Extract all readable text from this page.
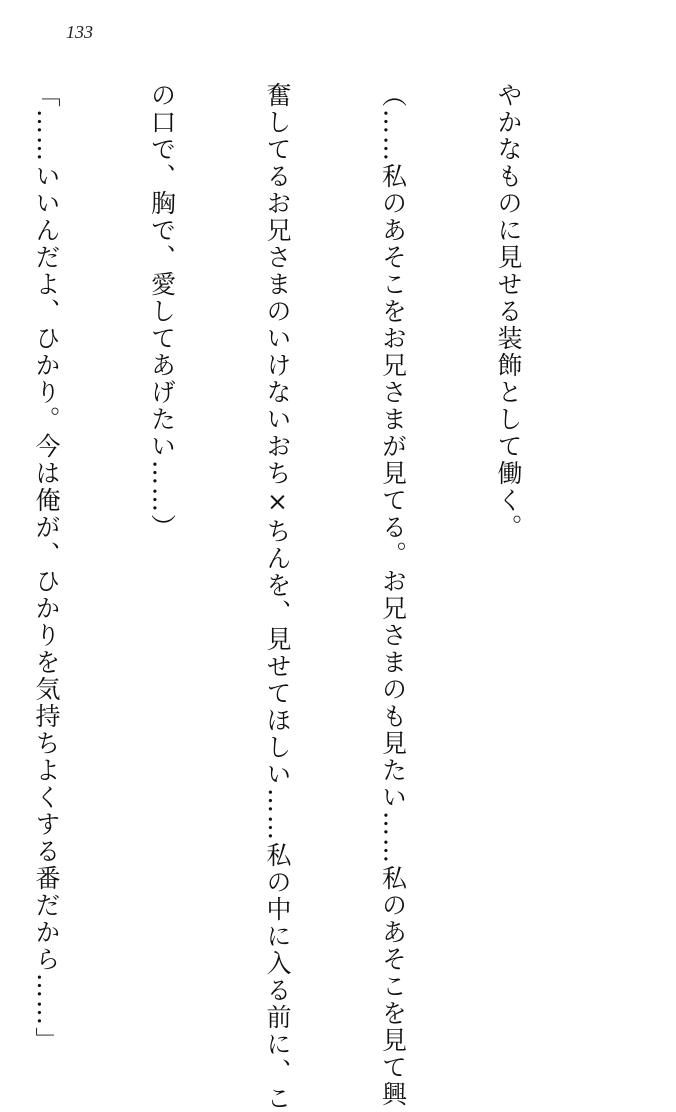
133

やかなものに見せる装飾として働く。

（……私のあそこをお兄さまが見てる。お兄さまのも見たい……私のあそこを見て興

奮してるお兄さまのいけないおち×ちんを、見せてほしい……私の中に入る前に、こ

の口で、胸で、愛してあげたい……）

「……いいんだよ、ひかり。今は俺が、ひかりを気持ちよくする番だから……」
